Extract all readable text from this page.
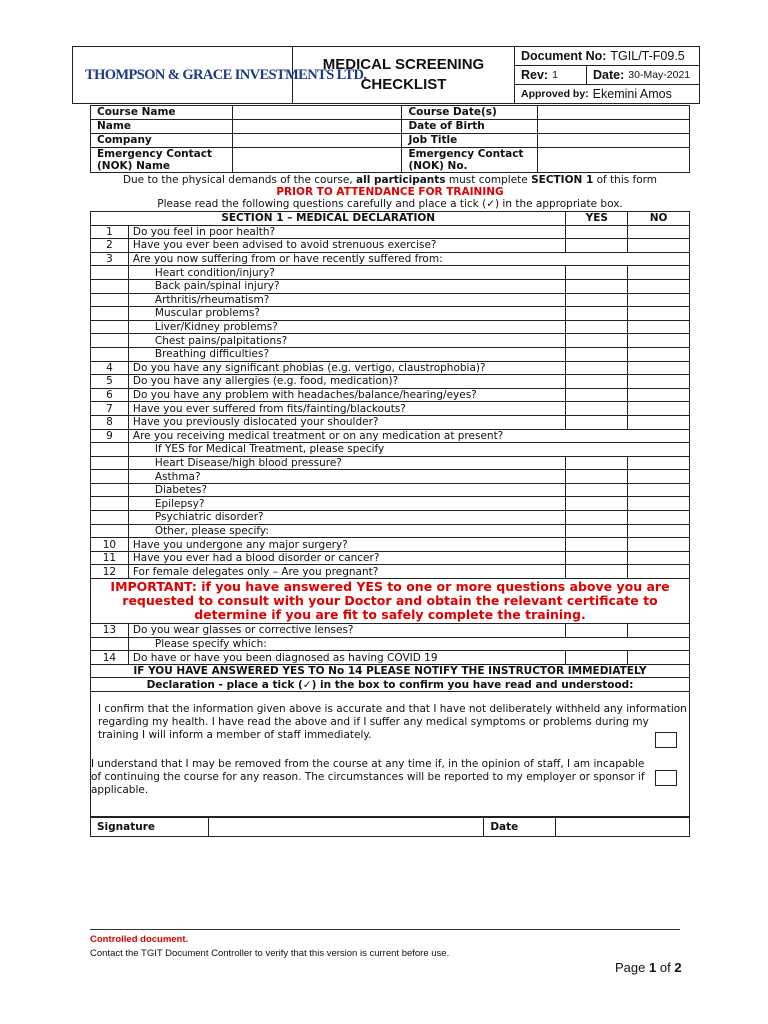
THOMPSON & GRACE INVESTMENTS LTD.
MEDICAL SCREENING
CHECKLIST
Document No: TGIL/T-F09.5
Rev: 1	Date: 30-May-2021
Approved by: Ekemini Amos
Course Name		Course Date(s)	
Name		Date of Birth	
Company		Job Title	
Emergency Contact (NOK) Name		Emergency Contact (NOK) No.	
Due to the physical demands of the course, all participants must complete SECTION 1 of this form
PRIOR TO ATTENDANCE FOR TRAINING
Please read the following questions carefully and place a tick (✓) in the appropriate box.
SECTION 1 – MEDICAL DECLARATION		YES	NO
1	Do you feel in poor health?		
2	Have you ever been advised to avoid strenuous exercise?		
3	Are you now suffering from or have recently suffered from:		
	Heart condition/injury?		
	Back pain/spinal injury?		
	Arthritis/rheumatism?		
	Muscular problems?		
	Liver/Kidney problems?		
	Chest pains/palpitations?		
	Breathing difficulties?		
4	Do you have any significant phobias (e.g. vertigo, claustrophobia)?		
5	Do you have any allergies (e.g. food, medication)?		
6	Do you have any problem with headaches/balance/hearing/eyes?		
7	Have you ever suffered from fits/fainting/blackouts?		
8	Have you previously dislocated your shoulder?		
9	Are you receiving medical treatment or on any medication at present?		
	If YES for Medical Treatment, please specify		
	Heart Disease/high blood pressure?		
	Asthma?		
	Diabetes?		
	Epilepsy?		
	Psychiatric disorder?		
	Other, please specify:		
10	Have you undergone any major surgery?		
11	Have you ever had a blood disorder or cancer?		
12	For female delegates only – Are you pregnant?		
IMPORTANT: if you have answered YES to one or more questions above you are requested to consult with your Doctor and obtain the relevant certificate to determine if you are fit to safely complete the training.			
13	Do you wear glasses or corrective lenses?		
	Please specify which:		
14	Do have or have you been diagnosed as having COVID 19		
IF YOU HAVE ANSWERED YES TO No 14 PLEASE NOTIFY THE INSTRUCTOR IMMEDIATELY			
Declaration - place a tick (✓) in the box to confirm you have read and understood:			

I confirm that the information given above is accurate and that I have not deliberately withheld any information regarding my health. I have read the above and if I suffer any medical symptoms or problems during my training I will inform a member of staff immediately.
I understand that I may be removed from the course at any time if, in the opinion of staff, I am incapable of continuing the course for any reason. The circumstances will be reported to my employer or sponsor if applicable.			
Signature		Date	
Controlled document.
Contact the TGIT Document Controller to verify that this version is current before use.
Page 1 of 2
